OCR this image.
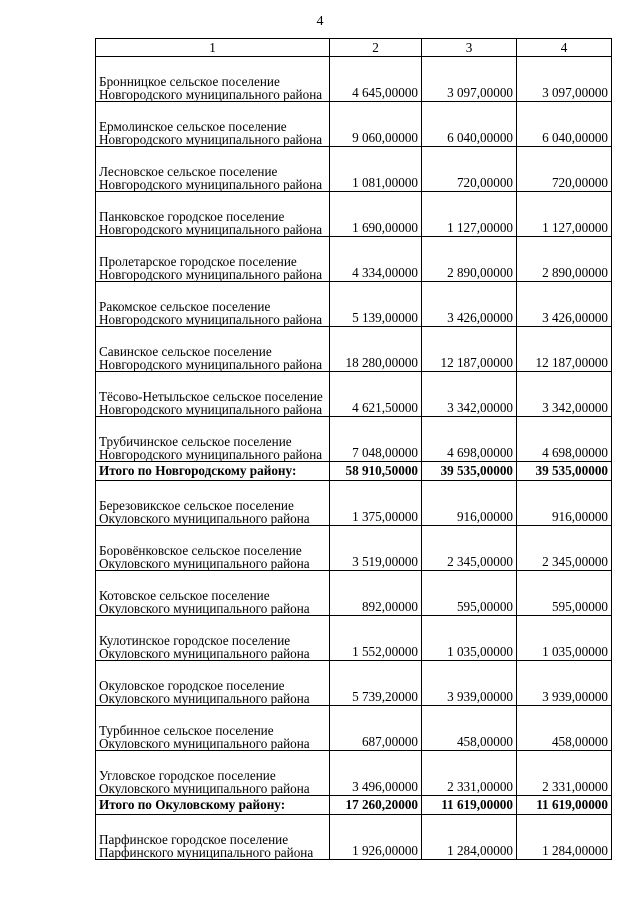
4
1	2	3	4
Бронницкое сельское поселение Новгородского муниципального района	4 645,00000	3 097,00000	3 097,00000
Ермолинское сельское поселение Новгородского муниципального района	9 060,00000	6 040,00000	6 040,00000
Лесновское сельское поселение Новгородского муниципального района	1 081,00000	720,00000	720,00000
Панковское городское поселение Новгородского муниципального района	1 690,00000	1 127,00000	1 127,00000
Пролетарское городское поселение Новгородского муниципального района	4 334,00000	2 890,00000	2 890,00000
Ракомское сельское поселение Новгородского муниципального района	5 139,00000	3 426,00000	3 426,00000
Савинское сельское поселение Новгородского муниципального района	18 280,00000	12 187,00000	12 187,00000
Тёсово-Нетыльское сельское поселение Новгородского муниципального района	4 621,50000	3 342,00000	3 342,00000
Трубичинское сельское поселение Новгородского муниципального района	7 048,00000	4 698,00000	4 698,00000
Итого по Новгородскому району:	58 910,50000	39 535,00000	39 535,00000
Березовикское сельское поселение Окуловского муниципального района	1 375,00000	916,00000	916,00000
Боровёнковское сельское поселение Окуловского муниципального района	3 519,00000	2 345,00000	2 345,00000
Котовское сельское поселение Окуловского муниципального района	892,00000	595,00000	595,00000
Кулотинское городское поселение Окуловского муниципального района	1 552,00000	1 035,00000	1 035,00000
Окуловское городское поселение Окуловского муниципального района	5 739,20000	3 939,00000	3 939,00000
Турбинное сельское поселение Окуловского муниципального района	687,00000	458,00000	458,00000
Угловское городское поселение Окуловского муниципального района	3 496,00000	2 331,00000	2 331,00000
Итого по Окуловскому району:	17 260,20000	11 619,00000	11 619,00000
Парфинское городское поселение Парфинского муниципального района	1 926,00000	1 284,00000	1 284,00000
